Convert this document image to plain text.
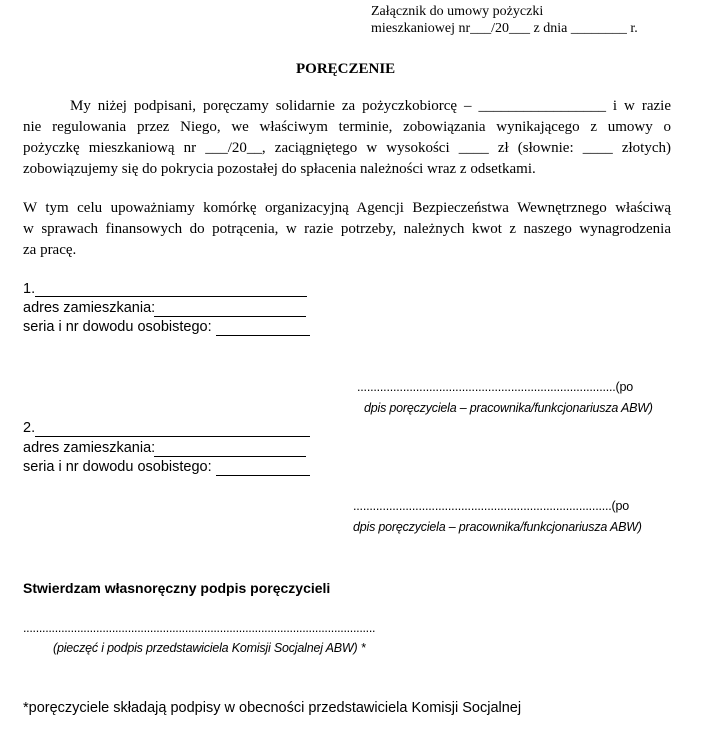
Załącznik do umowy pożyczki
mieszkaniowej nr___/20___ z dnia ________ r.
PORĘCZENIE
My niżej podpisani, poręczamy solidarnie za pożyczkobiorcę – _________________ i w razie
nie regulowania przez Niego, we właściwym terminie, zobowiązania wynikającego z umowy o
pożyczkę mieszkaniową nr ___/20__, zaciągniętego w wysokości ____ zł (słownie: ____ złotych)
zobowiązujemy się do pokrycia pozostałej do spłacenia należności wraz z odsetkami.
W tym celu upoważniamy komórkę organizacyjną Agencji Bezpieczeństwa Wewnętrznego właściwą
w sprawach finansowych do potrącenia, w razie potrzeby, należnych kwot z naszego wynagrodzenia
za pracę.
1.
adres zamieszkania:
seria i nr dowodu osobistego:
...............................................................................(po
dpis poręczyciela – pracownika/funkcjonariusza ABW)
2.
adres zamieszkania:
seria i nr dowodu osobistego:
...............................................................................(po
dpis poręczyciela – pracownika/funkcjonariusza ABW)
Stwierdzam własnoręczny podpis poręczycieli
...............................................................................................................
(pieczęć i podpis przedstawiciela Komisji Socjalnej ABW) *
*poręczyciele składają podpisy w obecności przedstawiciela Komisji Socjalnej
